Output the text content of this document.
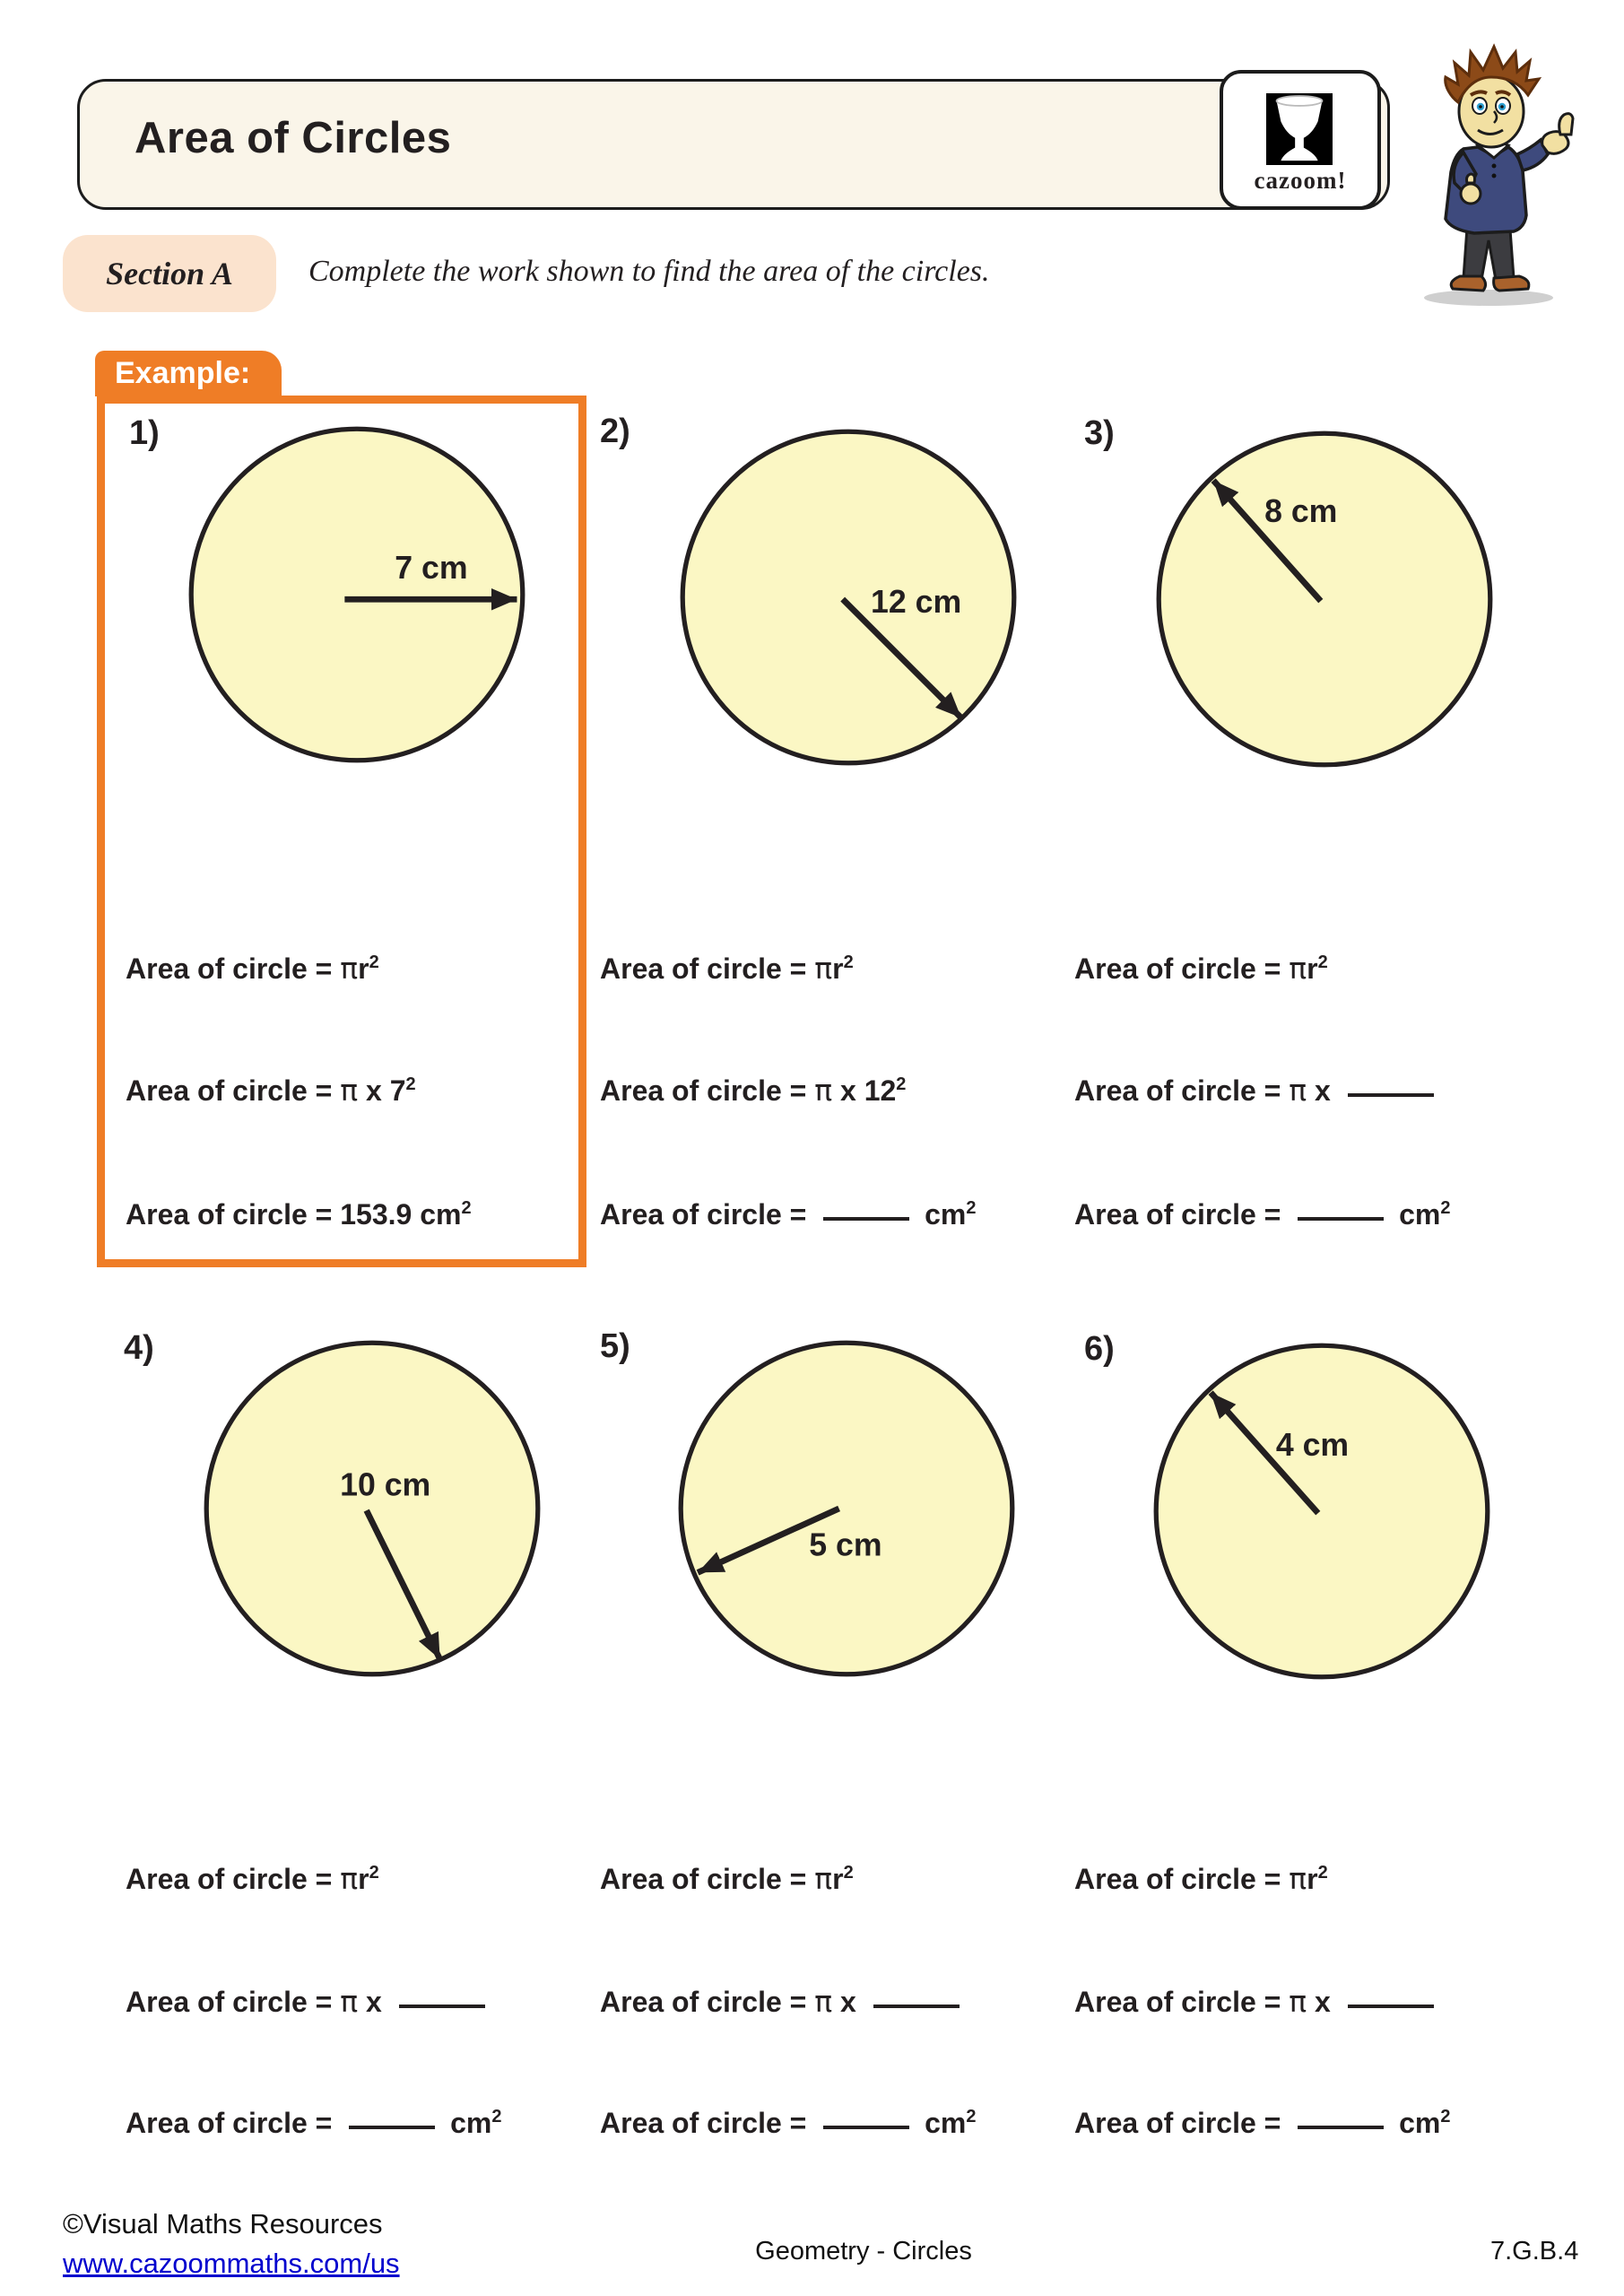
Area of Circles
cazoom!
Section A	Complete the work shown to find the area of the circles.
Example:
1)	2)	3)
4)	5)	6)
7 cm
12 cm
8 cm
10 cm
5 cm
4 cm
Area of circle = $\pi r^2$
Area of circle = π x $7^2$
Area of circle = 153.9 $cm^2$
Area of circle = $\pi r^2$
Area of circle = π x $12^2$
Area of circle =	$cm^2$
Area of circle = $\pi r^2$
Area of circle = π x
Area of circle =	$cm^2$
Area of circle = $\pi r^2$
Area of circle = π x
Area of circle =	$cm^2$
Area of circle = $\pi r^2$
Area of circle = π x
Area of circle =	$cm^2$
Area of circle = $\pi r^2$
Area of circle = π x
Area of circle =	$cm^2$
©Visual Maths Resources
www.cazoommaths.com/us	Geometry - Circles	7.G.B.4
